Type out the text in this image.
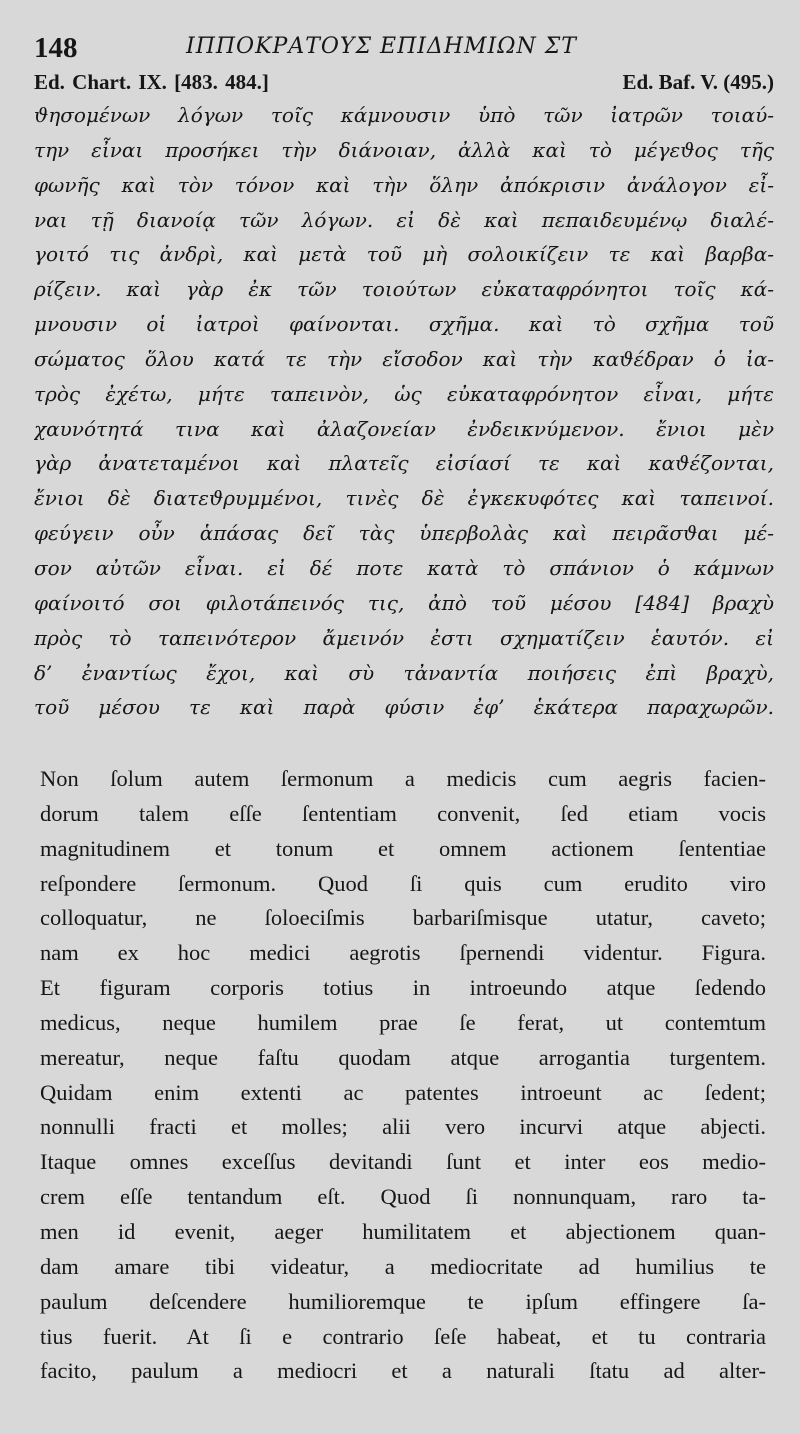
148	ΙΠΠΟΚΡΑΤΟΥΣ ΕΠΙΔΗΜΙΩΝ ΣΤ
Ed. Chart. IX. [483. 484.]	Ed. Baf. V. (495.)
ϑησομένων λόγων τοῖς κάμνουσιν ὑπὸ τῶν ἰατρῶν τοιαύ-
την εἶναι προσήκει τὴν διάνοιαν, ἀλλὰ καὶ τὸ μέγεϑος τῆς
φωνῆς καὶ τὸν τόνον καὶ τὴν ὅλην ἀπόκρισιν ἀνάλογον εἶ-
ναι τῇ διανοίᾳ τῶν λόγων. εἰ δὲ καὶ πεπαιδευμένῳ διαλέ-
γοιτό τις ἀνδρὶ, καὶ μετὰ τοῦ μὴ σολοικίζειν τε καὶ βαρβα-
ρίζειν. καὶ γὰρ ἐκ τῶν τοιούτων εὐκαταφρόνητοι τοῖς κά-
μνουσιν οἱ ἰατροὶ φαίνονται. σχῆμα. καὶ τὸ σχῆμα τοῦ
σώματος ὅλου κατά τε τὴν εἴσοδον καὶ τὴν καϑέδραν ὁ ἰα-
τρὸς ἐχέτω, μήτε ταπεινὸν, ὡς εὐκαταφρόνητον εἶναι, μήτε
χαυνότητά τινα καὶ ἀλαζονείαν ἐνδεικνύμενον. ἔνιοι μὲν
γὰρ ἀνατεταμένοι καὶ πλατεῖς εἰσίασί τε καὶ καϑέζονται,
ἔνιοι δὲ διατεϑρυμμένοι, τινὲς δὲ ἐγκεκυφότες καὶ ταπεινοί.
φεύγειν οὖν ἁπάσας δεῖ τὰς ὑπερβολὰς καὶ πειρᾶσϑαι μέ-
σον αὐτῶν εἶναι. εἰ δέ ποτε κατὰ τὸ σπάνιον ὁ κάμνων
φαίνοιτό σοι φιλοτάπεινός τις, ἀπὸ τοῦ μέσου [484] βραχὺ
πρὸς τὸ ταπεινότερον ἄμεινόν ἐστι σχηματίζειν ἑαυτόν. εἰ
δ’ ἐναντίως ἔχοι, καὶ σὺ τἀναντία ποιήσεις ἐπὶ βραχὺ,
τοῦ μέσου τε καὶ παρὰ φύσιν ἐφ’ ἑκάτερα παραχωρῶν.
Non ſolum autem ſermonum a medicis cum aegris facien-
dorum talem eſſe ſententiam convenit, ſed etiam vocis
magnitudinem et tonum et omnem actionem ſententiae
reſpondere ſermonum. Quod ſi quis cum erudito viro
colloquatur, ne ſoloeciſmis barbariſmisque utatur, caveto;
nam ex hoc medici aegrotis ſpernendi videntur. Figura.
Et figuram corporis totius in introeundo atque ſedendo
medicus, neque humilem prae ſe ferat, ut contemtum
mereatur, neque faſtu quodam atque arrogantia turgentem.
Quidam enim extenti ac patentes introeunt ac ſedent;
nonnulli fracti et molles; alii vero incurvi atque abjecti.
Itaque omnes exceſſus devitandi ſunt et inter eos medio-
crem eſſe tentandum eſt. Quod ſi nonnunquam, raro ta-
men id evenit, aeger humilitatem et abjectionem quan-
dam amare tibi videatur, a mediocritate ad humilius te
paulum deſcendere humilioremque te ipſum effingere ſa-
tius fuerit. At ſi e contrario ſeſe habeat, et tu contraria
facito, paulum a mediocri et a naturali ſtatu ad alter-
